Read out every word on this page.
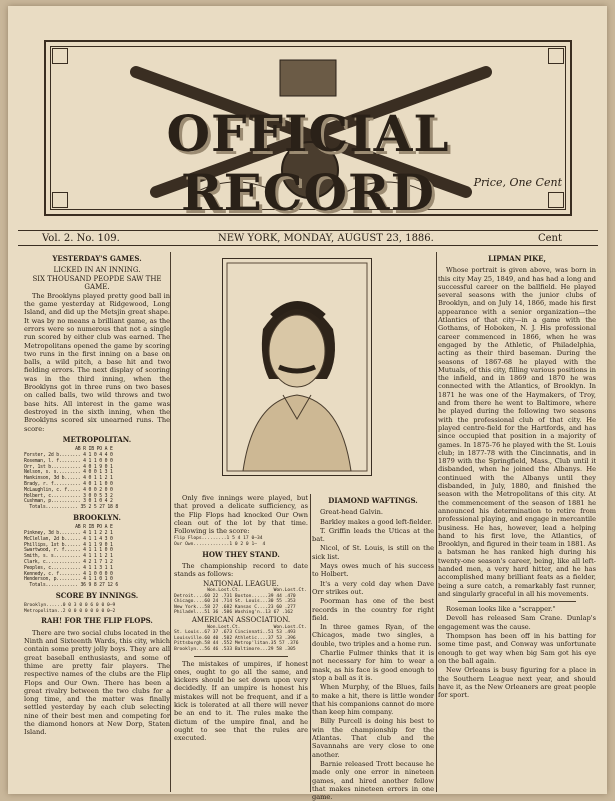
OFFICIAL RECORD	Price, One Cent
Vol. 2. No. 109.	NEW YORK, MONDAY, AUGUST 23, 1886.	Cent
YESTERDAY'S GAMES.
LICKED IN AN INNING.
SIX THOUSAND PEOPDE SAW THE GAME.

The Brooklyns played pretty good ball in the game yesterday at Ridgewood, Long Island, and did up the Metsjin great shape. It was by no means a brilliant game, as the errors were so numerous that not a single run scored by either club was earned. The Metropolitans opened the game by scoring two runs in the first inning on a base on balls, a wild pitch, a base hit and two fielding errors. The next display of scoring was in the third inning, when the Brooklyns got in three runs on two bases on called balls, two wild throws and two base hits. All interest in the game was destroyed in the sixth inning, when the Brooklyns scored six unearned runs. The score:

METROPOLITAN.
AB R IB PO A E
Forster, 2d b........ 4 1 0 4 4 0
Roseman, l. f........ 4 1 1 0 0 0
Orr, 1st b........... 4 0 1 9 0 1
Nelson, s. s......... 4 0 0 1 3 1
Hankinson, 3d b...... 4 0 1 1 2 1
Brady, r. f.......... 4 0 1 1 0 0
McLaughlin, c. f..... 4 0 0 2 0 0
Holbert, c........... 3 0 0 5 3 2
Cushman, p........... 3 0 1 0 4 2
Totals............ 35 2 5 27 18 8
BROOKLYN.
AB R IB PO A E
Pinkney, 3d b........ 4 1 1 2 2 1
McClellan, 2d b...... 4 1 1 4 3 0
Phillips, 1st b...... 4 1 1 9 0 1
Swartwood, r. f...... 4 1 1 1 0 0
Smith, s. s.......... 4 1 1 1 2 1
Clark, c............. 4 2 1 7 1 2
Peoples, c........... 4 1 1 3 1 1
Kennedy, c. f........ 4 1 0 0 0 0
Henderson, p......... 4 1 1 0 1 0
Totals............ 36 9 8 27 12 6
SCORE BY INNINGS.
Brooklyn......0 0 3 0 0 6 0 0 0—9
Metropolitan..2 0 0 0 0 0 0 0 0—2
RAH! FOR THE FLIP FLOPS.

There are two social clubs located in the Ninth and Sixteenth Wards, this city, which contain some pretty jolly boys. They are all great baseball enthusiasts, and some of thime are pretty fair players. The respective names of the clubs are the Flip Flops and Our Own. There has been a great rivalry between the two clubs for a long time, and the matter was finally settled yesterday by each club selecting nine of their best men and competing for the diamond honors at New Dorp, Staten Island.

Only five innings were played, but that proved a delicate sufficiency, as the Flip Flops had knocked Our Own clean out of the lot by that time. Following is the score:

Flip Flops.........1 5 4 17 0—34
Our Own.............1 0 2 0 1—  4
HOW THEY STAND.

The championship record to date stands as follows:

NATIONAL LEAGUE.
Won.Lost.Ct.            Won.Lost.Ct.
Detroit....60 22 .731 Boston......39 44 .470
Chicago....60 24 .714 St. Louis...30 55 .353
New York...58 27 .682 Kansas C....23 60 .277
Philadel...51 36 .586 Washing'n..13 67 .162
AMERICAN ASSOCIATION.
Won.Lost.Ct.            Won.Lost.Ct.
St. Louis..67 37 .673 Cincinnati..51 53 .493
Louisville.60 40 .582 Athletic....37 53 .396
Pittsburgh.58 44 .552 Metrop'litan.35 57 .376
Brooklyn...56 46 .533 Baltimore...29 58 .305

The mistakes of umpires, if honest ones, ought to go all the same, and kickers should be set down upon very decidedly. If an umpire is honest his mistakes will not be frequent, and if a kick is tolerated at all there will never be an end to it. The rules make the dictum of the umpire final, and he ought to see that the rules are executed.

DIAMOND WAFTINGS.

Great-head Galvin.

Barkley makes a good left-fielder.

T. Griffin leads the Uticas at the bat.

Nicol, of St. Louis, is still on the sick list.

Mays owes much of his success to Holbert.

It's a very cold day when Dave Orr strikes out.

Poorman has one of the best records in the country for right field.

In three games Ryan, of the Chicagos, made two singles, a double, two triples and a home run.

Charlie Fulmer thinks that it is not necessary for him to wear a mask, as his face is good enough to stop a ball as it is.

When Murphy, of the Blues, fails to make a hit, there is little wonder that his companions cannot do more than keep him company.

Billy Purcell is doing his best to win the championship for the Atlantas. That club and the Savannahs are very close to one another.

Barnie released Trott because he made only one error in nineteen games, and hired another fellow that makes nineteen errors in one game.

LIPMAN PIKE,

Whose portrait is given above, was born in this city May 25, 1849, and has had a long and successful career on the ballfield. He played several seasons with the junior clubs of Brooklyn, and on July 14, 1866, made his first appearance with a senior organization—the Atlantics of that city—in a game with the Gothams, of Hoboken, N. J. His professional career commenced in 1866, when he was engaged by the Athletic, of Philadelphia, acting as their third baseman. During the seasons of 1867-68 he played with the Mutuals, of this city, filling various positions in the infield, and in 1869 and 1870 he was connected with the Atlantics, of Brooklyn. In 1871 he was one of the Haymakers, of Troy, and from there he went to Baltimore, where he played during the following two seasons with the professional club of that city. He played centre-field for the Hartfords, and has since occupied that position in a majority of games. In 1875-76 he played with the St. Louis club; in 1877-78 with the Cincinnatis, and in 1879 with the Springfield, Mass., Club until it disbanded, when he joined the Albanys. He continued with the Albanys until they disbanded, in July, 1880, and finished the season with the Metropolitans of this city. At the commencement of the season of 1881 he announced his determination to retire from professional playing, and engage in mercantile business. He has, however, lead a helping hand to his first love, the Atlantics, of Brooklyn, and figured in their team in 1881. As a batsman he has ranked high during his twenty-one season's career, being, like all left-handed men, a very hard hitter, and he has accomplished many brilliant feats as a fielder, being a sure catch, a remarkably fast runner, and singularly graceful in all his movements.

Roseman looks like a "scrapper."

Devoll has released Sam Crane. Dunlap's engagement was the cause.

Thompson has been off in his batting for some time past, and Conway was unfortunate enough to get way when big Sam got his eye on the ball again.

New Orleans is busy figuring for a place in the Southern League next year, and should have it, as the New Orleaners are great people for sport.
